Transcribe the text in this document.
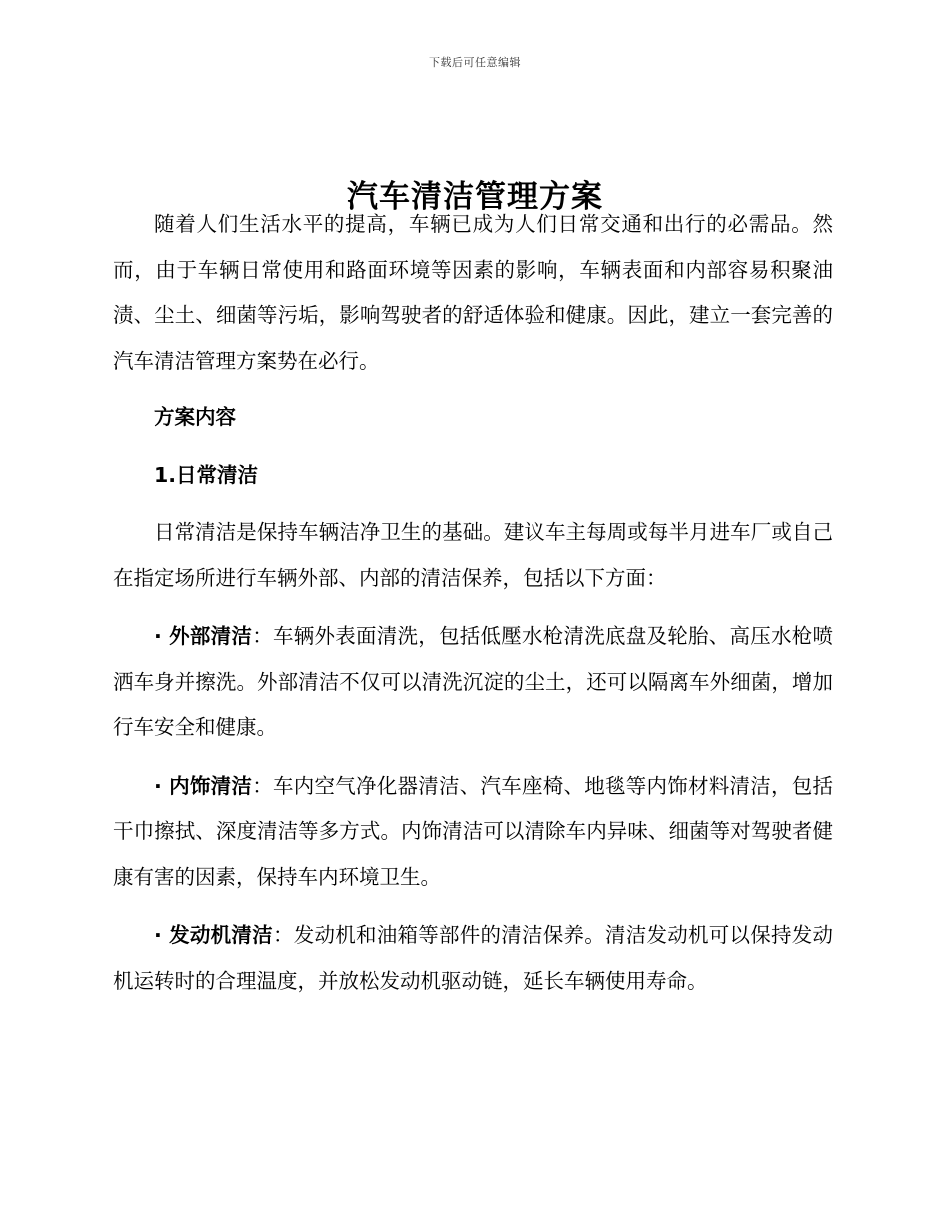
下载后可任意编辑
汽车清洁管理方案

随着人们生活水平的提高，车辆已成为人们日常交通和出行的必需品。然而，由于车辆日常使用和路面环境等因素的影响，车辆表面和内部容易积聚油渍、尘土、细菌等污垢，影响驾驶者的舒适体验和健康。因此，建立一套完善的汽车清洁管理方案势在必行。

方案内容

1.日常清洁

日常清洁是保持车辆洁净卫生的基础。建议车主每周或每半月进车厂或自己在指定场所进行车辆外部、内部的清洁保养，包括以下方面：

· 外部清洁：车辆外表面清洗，包括低壓水枪清洗底盘及轮胎、高压水枪喷洒车身并擦洗。外部清洁不仅可以清洗沉淀的尘土，还可以隔离车外细菌，增加行车安全和健康。

· 内饰清洁：车内空气净化器清洁、汽车座椅、地毯等内饰材料清洁，包括干巾擦拭、深度清洁等多方式。内饰清洁可以清除车内异味、细菌等对驾驶者健康有害的因素，保持车内环境卫生。

· 发动机清洁：发动机和油箱等部件的清洁保养。清洁发动机可以保持发动机运转时的合理温度，并放松发动机驱动链，延长车辆使用寿命。
